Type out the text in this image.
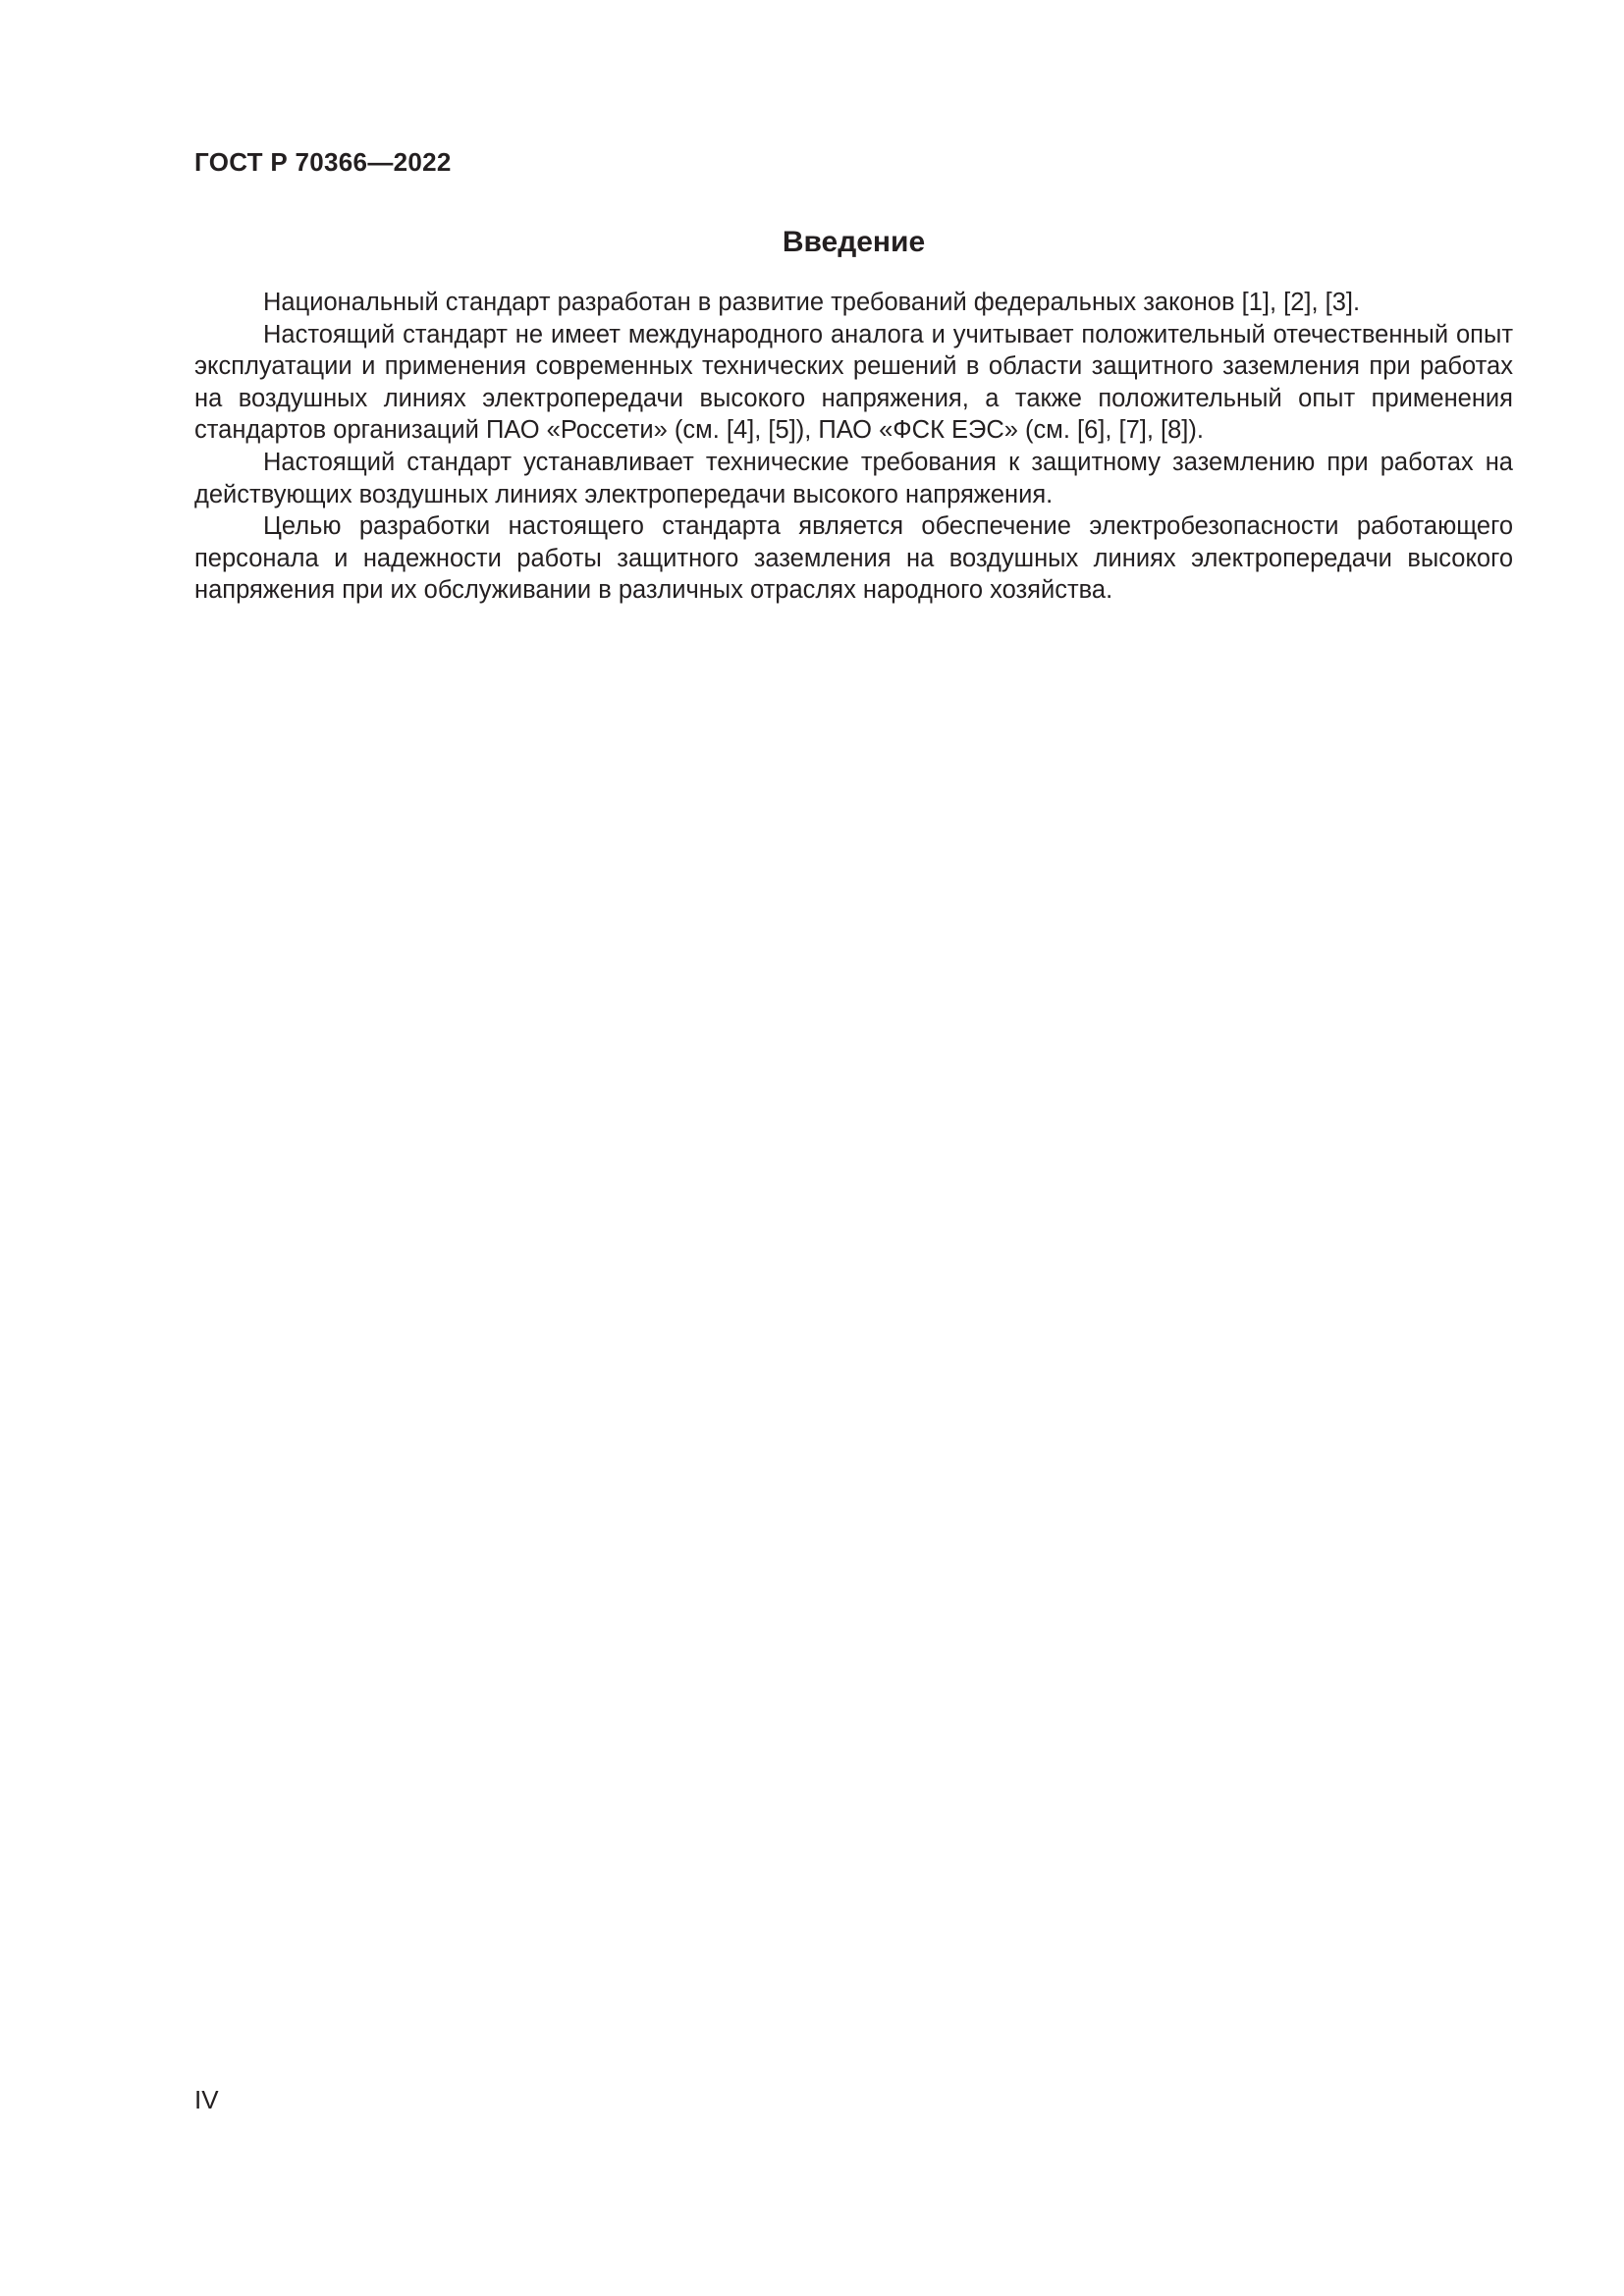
ГОСТ Р 70366—2022
Введение

Национальный стандарт разработан в развитие требований федеральных законов [1], [2], [3].

Настоящий стандарт не имеет международного аналога и учитывает положительный отечественный опыт эксплуатации и применения современных технических решений в области защитного заземления при работах на воздушных линиях электропередачи высокого напряжения, а также положительный опыт применения стандартов организаций ПАО «Россети» (см. [4], [5]), ПАО «ФСК ЕЭС» (см. [6], [7], [8]).

Настоящий стандарт устанавливает технические требования к защитному заземлению при работах на действующих воздушных линиях электропередачи высокого напряжения.

Целью разработки настоящего стандарта является обеспечение электробезопасности работающего персонала и надежности работы защитного заземления на воздушных линиях электропередачи высокого напряжения при их обслуживании в различных отраслях народного хозяйства.

IV
